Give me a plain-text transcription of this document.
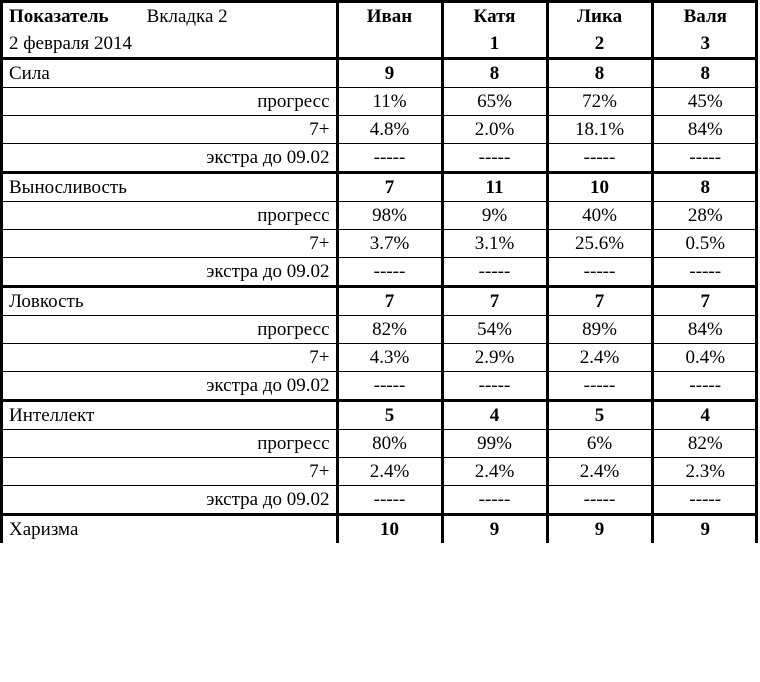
Показатель Вкладка 2	Иван	Катя	Лика	Валя
2 февраля 2014		1	2	3
Сила	9	8	8	8
прогресс	11%	65%	72%	45%
7+	4.8%	2.0%	18.1%	84%
экстра до 09.02	-----	-----	-----	-----
Выносливость	7	11	10	8
прогресс	98%	9%	40%	28%
7+	3.7%	3.1%	25.6%	0.5%
экстра до 09.02	-----	-----	-----	-----
Ловкость	7	7	7	7
прогресс	82%	54%	89%	84%
7+	4.3%	2.9%	2.4%	0.4%
экстра до 09.02	-----	-----	-----	-----
Интеллект	5	4	5	4
прогресс	80%	99%	6%	82%
7+	2.4%	2.4%	2.4%	2.3%
экстра до 09.02	-----	-----	-----	-----
Харизма	10	9	9	9
